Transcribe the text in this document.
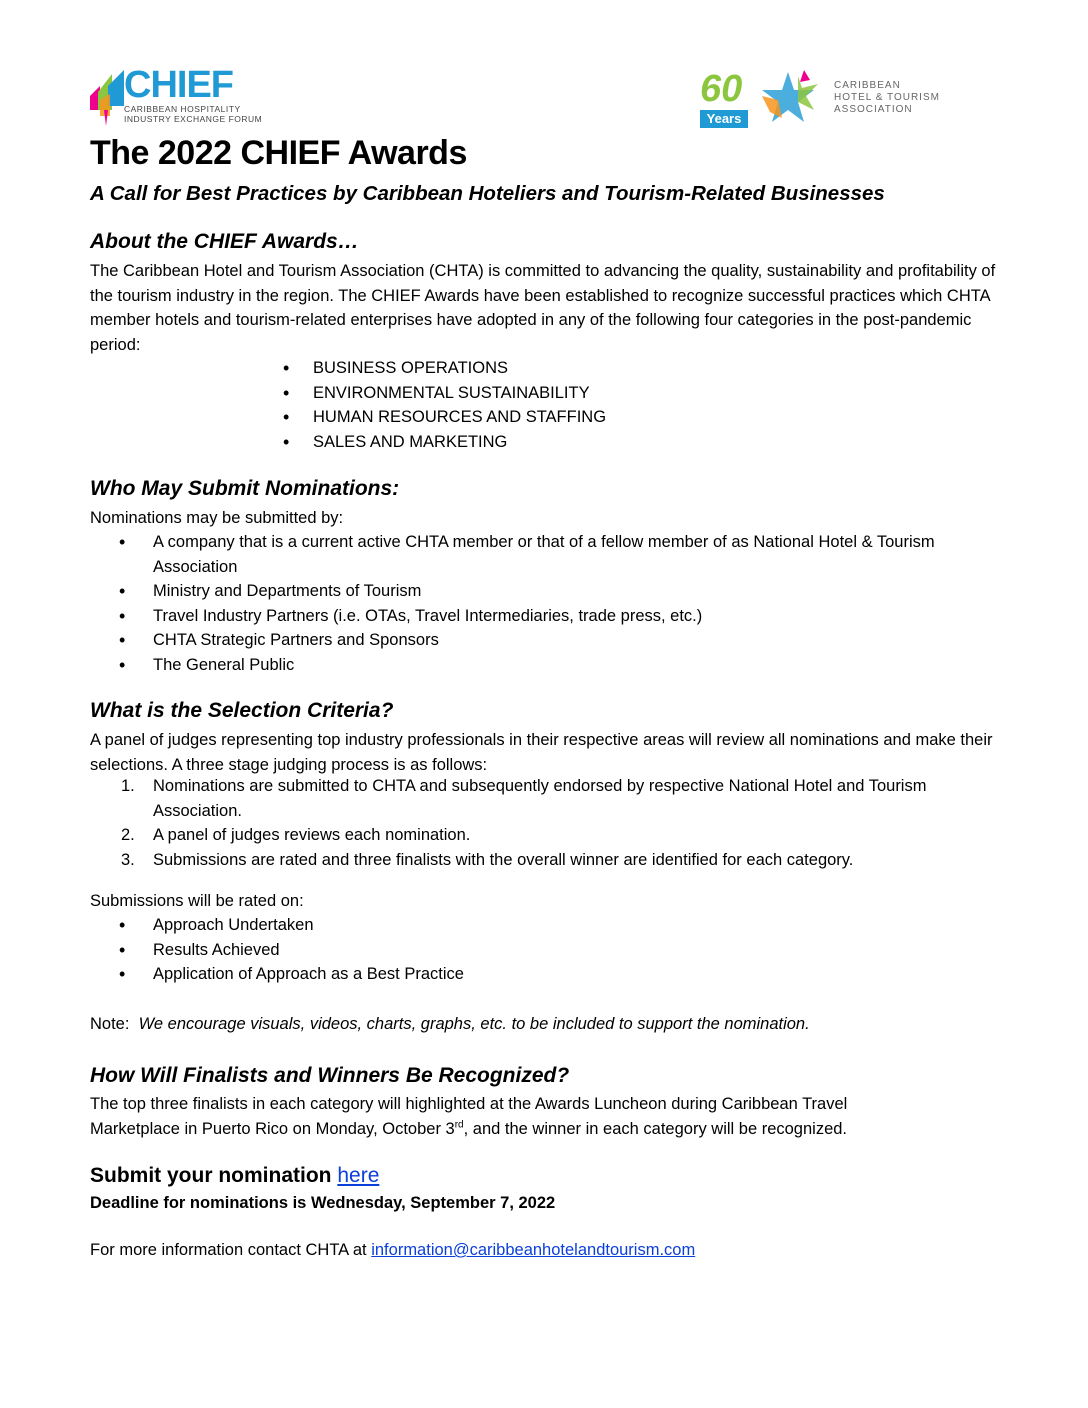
CHIEF
CARIBBEAN HOSPITALITY
INDUSTRY EXCHANGE FORUM
60
Years
CARIBBEAN
HOTEL & TOURISM
ASSOCIATION
The 2022 CHIEF Awards

A Call for Best Practices by Caribbean Hoteliers and Tourism-Related Businesses

About the CHIEF Awards…

The Caribbean Hotel and Tourism Association (CHTA) is committed to advancing the quality, sustainability and profitability of the tourism industry in the region. The CHIEF Awards have been established to recognize successful practices which CHTA member hotels and tourism-related enterprises have adopted in any of the following four categories in the post-pandemic period:

• BUSINESS OPERATIONS
• ENVIRONMENTAL SUSTAINABILITY
• HUMAN RESOURCES AND STAFFING
• SALES AND MARKETING
Who May Submit Nominations:

Nominations may be submitted by:

• A company that is a current active CHTA member or that of a fellow member of as National Hotel & Tourism Association
• Ministry and Departments of Tourism
• Travel Industry Partners (i.e. OTAs, Travel Intermediaries, trade press, etc.)
• CHTA Strategic Partners and Sponsors
• The General Public
What is the Selection Criteria?

A panel of judges representing top industry professionals in their respective areas will review all nominations and make their selections. A three stage judging process is as follows:

1. Nominations are submitted to CHTA and subsequently endorsed by respective National Hotel and Tourism Association.
2. A panel of judges reviews each nomination.
3. Submissions are rated and three finalists with the overall winner are identified for each category.

Submissions will be rated on:

• Approach Undertaken
• Results Achieved
• Application of Approach as a Best Practice

Note: We encourage visuals, videos, charts, graphs, etc. to be included to support the nomination.

How Will Finalists and Winners Be Recognized?

The top three finalists in each category will highlighted at the Awards Luncheon during Caribbean Travel Marketplace in Puerto Rico on Monday, October 3rd, and the winner in each category will be recognized.

Submit your nomination here

Deadline for nominations is Wednesday, September 7, 2022

For more information contact CHTA at information@caribbeanhotelandtourism.com
